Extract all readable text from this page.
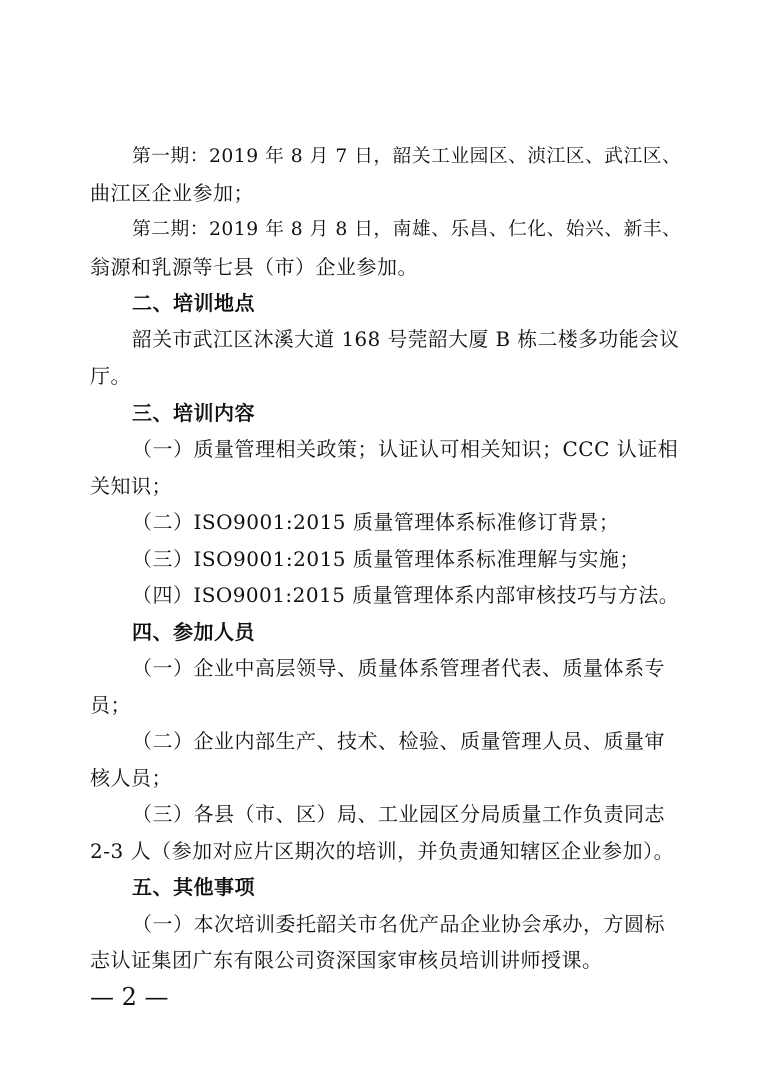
第一期：2019 年 8 月 7 日，韶关工业园区、浈江区、武江区、
曲江区企业参加；
第二期：2019 年 8 月 8 日，南雄、乐昌、仁化、始兴、新丰、
翁源和乳源等七县（市）企业参加。
二、培训地点
韶关市武江区沐溪大道 168 号莞韶大厦 B 栋二楼多功能会议
厅。
三、培训内容
（一）质量管理相关政策；认证认可相关知识；CCC 认证相
关知识；
（二）ISO9001:2015 质量管理体系标准修订背景；
（三）ISO9001:2015 质量管理体系标准理解与实施；
（四）ISO9001:2015 质量管理体系内部审核技巧与方法。
四、参加人员
（一）企业中高层领导、质量体系管理者代表、质量体系专
员；
（二）企业内部生产、技术、检验、质量管理人员、质量审
核人员；
（三）各县（市、区）局、工业园区分局质量工作负责同志
2-3 人（参加对应片区期次的培训，并负责通知辖区企业参加）。
五、其他事项
（一）本次培训委托韶关市名优产品企业协会承办，方圆标
志认证集团广东有限公司资深国家审核员培训讲师授课。
— 2 —
